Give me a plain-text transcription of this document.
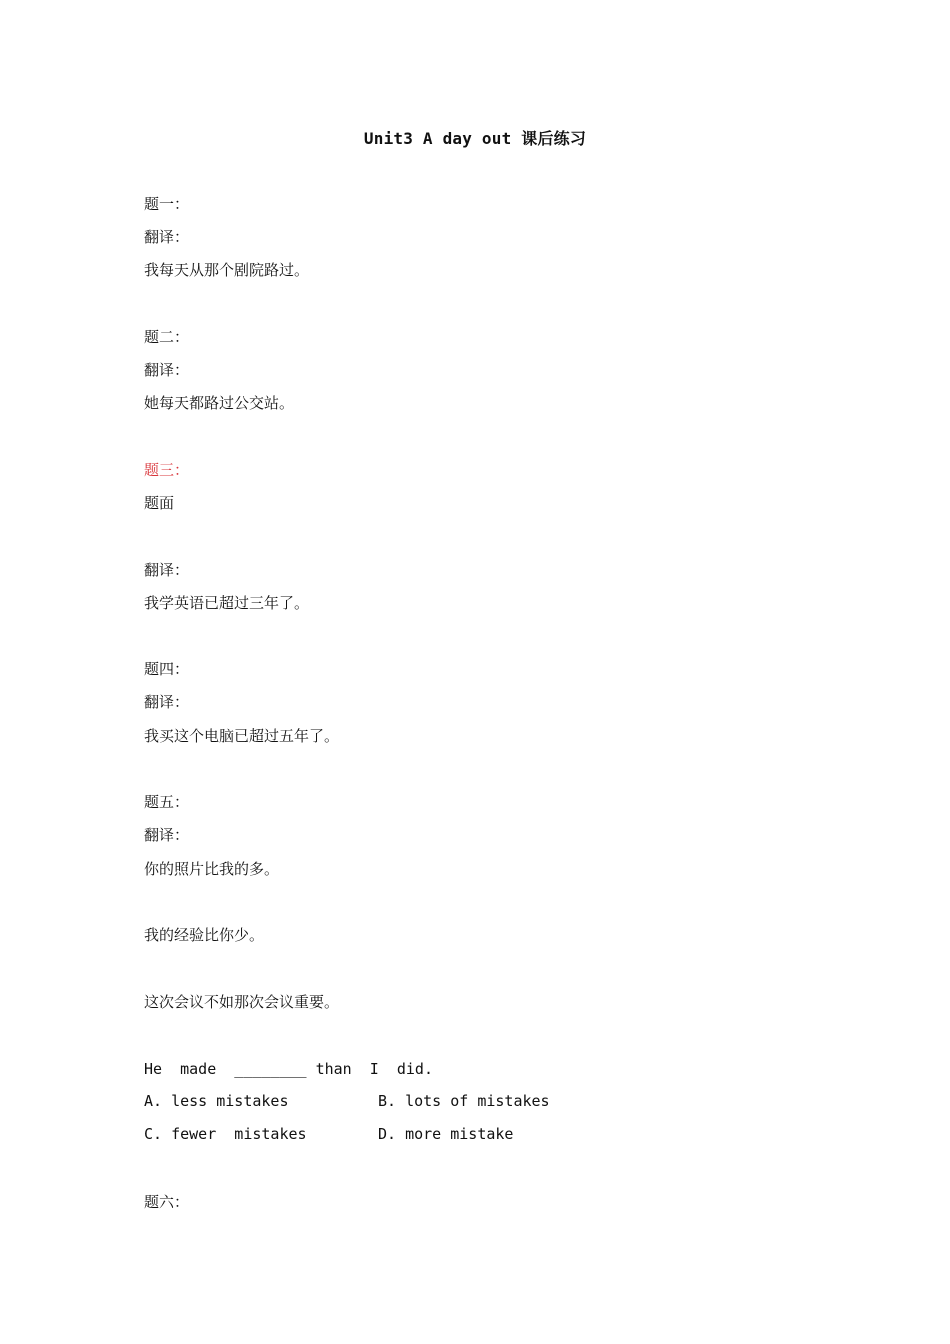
Unit3 A day out 课后练习
题一：
翻译：
我每天从那个剧院路过。
题二：
翻译：
她每天都路过公交站。
题三：
题面
翻译：
我学英语已超过三年了。
题四：
翻译：
我买这个电脑已超过五年了。
题五：
翻译：
你的照片比我的多。
我的经验比你少。
这次会议不如那次会议重要。
He  made  ________ than  I  did.
A. less mistakes	B. lots of mistakes
C. fewer  mistakes	D. more mistake
题六：
